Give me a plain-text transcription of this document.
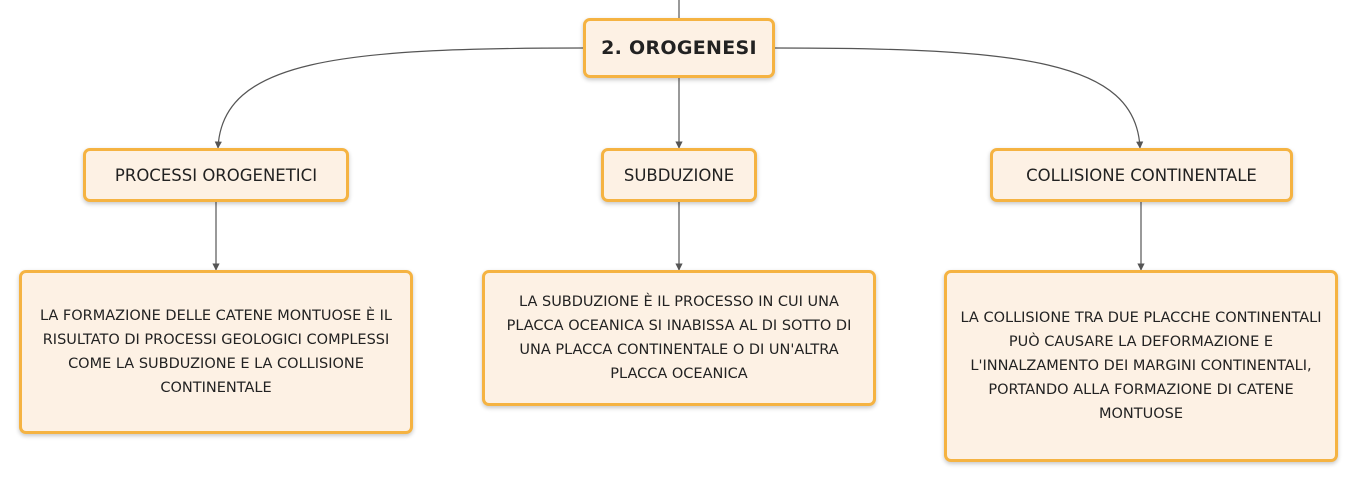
2. OROGENESI
PROCESSI OROGENETICI	SUBDUZIONE	COLLISIONE CONTINENTALE
LA FORMAZIONE DELLE CATENE MONTUOSE È IL RISULTATO DI PROCESSI GEOLOGICI COMPLESSI COME LA SUBDUZIONE E LA COLLISIONE CONTINENTALE
LA SUBDUZIONE È IL PROCESSO IN CUI UNA PLACCA OCEANICA SI INABISSA AL DI SOTTO DI UNA PLACCA CONTINENTALE O DI UN'ALTRA PLACCA OCEANICA
LA COLLISIONE TRA DUE PLACCHE CONTINENTALI PUÒ CAUSARE LA DEFORMAZIONE E L'INNALZAMENTO DEI MARGINI CONTINENTALI, PORTANDO ALLA FORMAZIONE DI CATENE MONTUOSE
